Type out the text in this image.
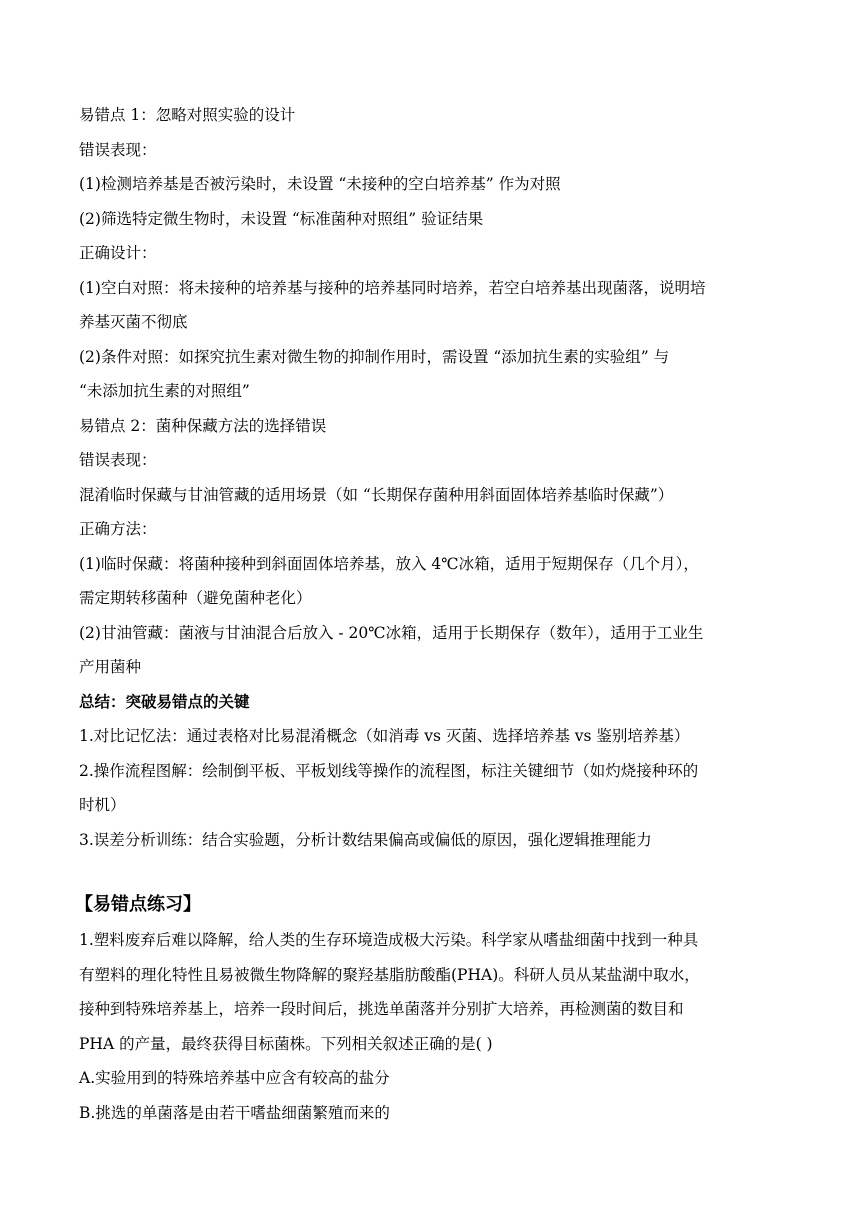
易错点 1：忽略对照实验的设计

错误表现：

(1)检测培养基是否被污染时，未设置 “未接种的空白培养基” 作为对照

(2)筛选特定微生物时，未设置 “标准菌种对照组” 验证结果

正确设计：

(1)空白对照：将未接种的培养基与接种的培养基同时培养，若空白培养基出现菌落，说明培

养基灭菌不彻底

(2)条件对照：如探究抗生素对微生物的抑制作用时，需设置 “添加抗生素的实验组” 与

“未添加抗生素的对照组”

易错点 2：菌种保藏方法的选择错误

错误表现：

混淆临时保藏与甘油管藏的适用场景（如 “长期保存菌种用斜面固体培养基临时保藏”）

正确方法：

(1)临时保藏：将菌种接种到斜面固体培养基，放入 4℃冰箱，适用于短期保存（几个月），

需定期转移菌种（避免菌种老化）

(2)甘油管藏：菌液与甘油混合后放入 - 20℃冰箱，适用于长期保存（数年），适用于工业生

产用菌种

总结：突破易错点的关键

1.对比记忆法：通过表格对比易混淆概念（如消毒 vs 灭菌、选择培养基 vs 鉴别培养基）

2.操作流程图解：绘制倒平板、平板划线等操作的流程图，标注关键细节（如灼烧接种环的

时机）

3.误差分析训练：结合实验题，分析计数结果偏高或偏低的原因，强化逻辑推理能力

【易错点练习】

1.塑料废弃后难以降解，给人类的生存环境造成极大污染。科学家从嗜盐细菌中找到一种具

有塑料的理化特性且易被微生物降解的聚羟基脂肪酸酯(PHA)。科研人员从某盐湖中取水，

接种到特殊培养基上，培养一段时间后，挑选单菌落并分别扩大培养，再检测菌的数目和

PHA 的产量，最终获得目标菌株。下列相关叙述正确的是( )

A.实验用到的特殊培养基中应含有较高的盐分

B.挑选的单菌落是由若干嗜盐细菌繁殖而来的
